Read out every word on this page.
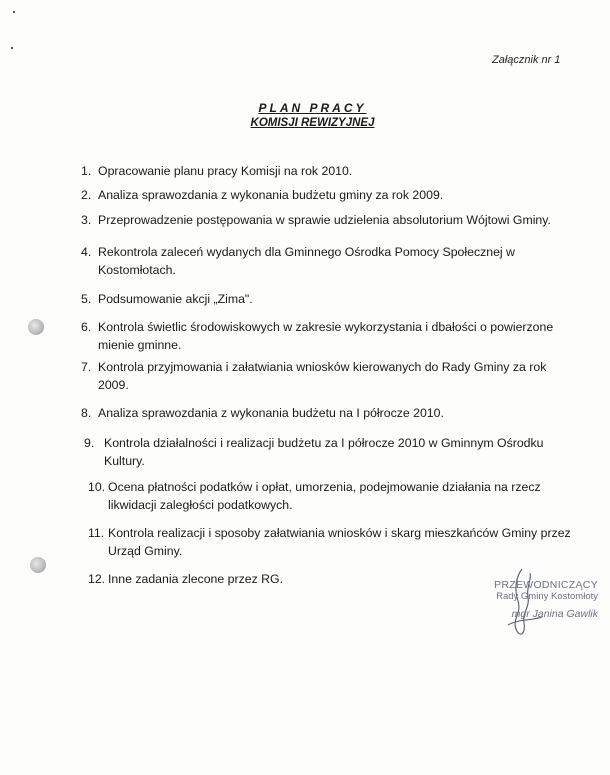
Załącznik nr 1
PLAN PRACY
KOMISJI REWIZYJNEJ
1. Opracowanie planu pracy Komisji na rok 2010.
2. Analiza sprawozdania z wykonania budżetu gminy za rok 2009.
3. Przeprowadzenie postępowania w sprawie udzielenia absolutorium Wójtowi Gminy.
4. Rekontrola zaleceń wydanych dla Gminnego Ośrodka Pomocy Społecznej w Kostomłotach.
5. Podsumowanie akcji „Zima".
6. Kontrola świetlic środowiskowych w zakresie wykorzystania i dbałości o powierzone mienie gminne.
7. Kontrola przyjmowania i załatwiania wniosków kierowanych do Rady Gminy za rok 2009.
8. Analiza sprawozdania z wykonania budżetu na I półrocze 2010.
9. Kontrola działalności i realizacji budżetu za I półrocze 2010 w Gminnym Ośrodku Kultury.
10. Ocena płatności podatków i opłat, umorzenia, podejmowanie działania na rzecz likwidacji zaległości podatkowych.
11. Kontrola realizacji i sposoby załatwiania wniosków i skarg mieszkańców Gminy przez Urząd Gminy.
12. Inne zadania zlecone przez RG.	PRZEWODNICZĄCY
Rady Gminy Kostomłoty
mgr Janina Gawlik
